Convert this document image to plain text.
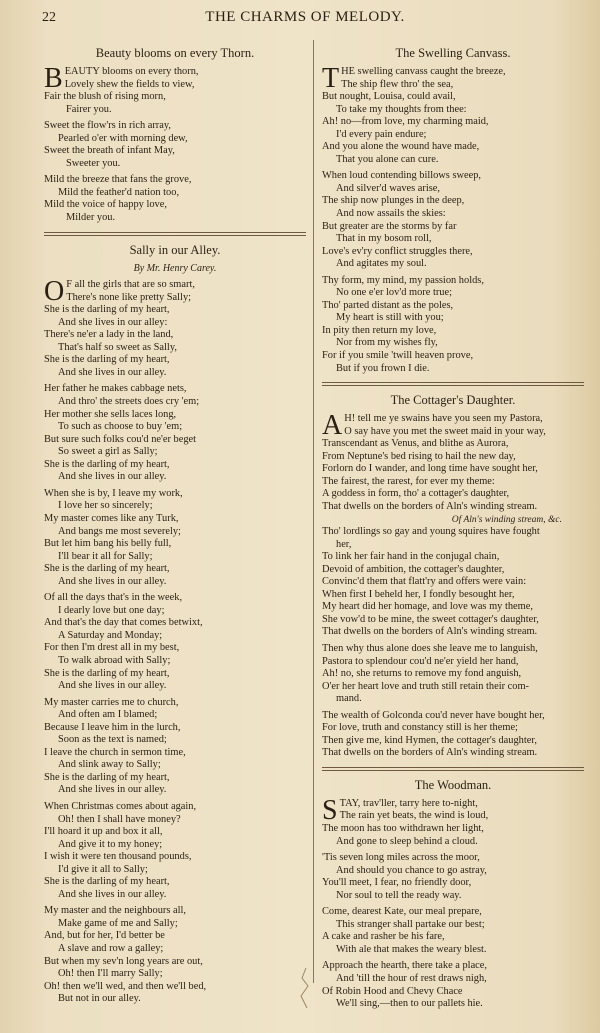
22	THE CHARMS OF MELODY.
Beauty blooms on every Thorn.
B EAUTY blooms on every thorn,
Lovely shew the fields to view,
Fair the blush of rising morn,
Fairer you.
Sweet the flow'rs in rich array,
Pearled o'er with morning dew,
Sweet the breath of infant May,
Sweeter you.
Mild the breeze that fans the grove,
Mild the feather'd nation too,
Mild the voice of happy love,
Milder you.
Sally in our Alley.
By Mr. Henry Carey.
O F all the girls that are so smart,
There's none like pretty Sally;
She is the darling of my heart,
And she lives in our alley:
There's ne'er a lady in the land,
That's half so sweet as Sally,
She is the darling of my heart,
And she lives in our alley.
Her father he makes cabbage nets,
And thro' the streets does cry 'em;
Her mother she sells laces long,
To such as choose to buy 'em;
But sure such folks cou'd ne'er beget
So sweet a girl as Sally;
She is the darling of my heart,
And she lives in our alley.
When she is by, I leave my work,
I love her so sincerely;
My master comes like any Turk,
And bangs me most severely;
But let him bang his belly full,
I'll bear it all for Sally;
She is the darling of my heart,
And she lives in our alley.
Of all the days that's in the week,
I dearly love but one day;
And that's the day that comes betwixt,
A Saturday and Monday;
For then I'm drest all in my best,
To walk abroad with Sally;
She is the darling of my heart,
And she lives in our alley.
My master carries me to church,
And often am I blamed;
Because I leave him in the lurch,
Soon as the text is named;
I leave the church in sermon time,
And slink away to Sally;
She is the darling of my heart,
And she lives in our alley.
When Christmas comes about again,
Oh! then I shall have money?
I'll hoard it up and box it all,
And give it to my honey;
I wish it were ten thousand pounds,
I'd give it all to Sally;
She is the darling of my heart,
And she lives in our alley.
My master and the neighbours all,
Make game of me and Sally;
And, but for her, I'd better be
A slave and row a galley;
But when my sev'n long years are out,
Oh! then I'll marry Sally;
Oh! then we'll wed, and then we'll bed,
But not in our alley.
The Swelling Canvass.
T HE swelling canvass caught the breeze,
The ship flew thro' the sea,
But nought, Louisa, could avail,
To take my thoughts from thee:
Ah! no—from love, my charming maid,
I'd every pain endure;
And you alone the wound have made,
That you alone can cure.
When loud contending billows sweep,
And silver'd waves arise,
The ship now plunges in the deep,
And now assails the skies:
But greater are the storms by far
That in my bosom roll,
Love's ev'ry conflict struggles there,
And agitates my soul.
Thy form, my mind, my passion holds,
No one e'er lov'd more true;
Tho' parted distant as the poles,
My heart is still with you;
In pity then return my love,
Nor from my wishes fly,
For if you smile 'twill heaven prove,
But if you frown I die.
The Cottager's Daughter.
A H! tell me ye swains have you seen my Pastora,
O say have you met the sweet maid in your way,
Transcendant as Venus, and blithe as Aurora,
From Neptune's bed rising to hail the new day,
Forlorn do I wander, and long time have sought her,
The fairest, the rarest, for ever my theme:
A goddess in form, tho' a cottager's daughter,
That dwells on the borders of Aln's winding stream.
Of Aln's winding stream, &c.
Tho' lordlings so gay and young squires have fought
her,
To link her fair hand in the conjugal chain,
Devoid of ambition, the cottager's daughter,
Convinc'd them that flatt'ry and offers were vain:
When first I beheld her, I fondly besought her,
My heart did her homage, and love was my theme,
She vow'd to be mine, the sweet cottager's daughter,
That dwells on the borders of Aln's winding stream.
Then why thus alone does she leave me to languish,
Pastora to splendour cou'd ne'er yield her hand,
Ah! no, she returns to remove my fond anguish,
O'er her heart love and truth still retain their com-
mand.
The wealth of Golconda cou'd never have bought her,
For love, truth and constancy still is her theme;
Then give me, kind Hymen, the cottager's daughter,
That dwells on the borders of Aln's winding stream.
The Woodman.
S TAY, trav'ller, tarry here to-night,
The rain yet beats, the wind is loud,
The moon has too withdrawn her light,
And gone to sleep behind a cloud.
'Tis seven long miles across the moor,
And should you chance to go astray,
You'll meet, I fear, no friendly door,
Nor soul to tell the ready way.
Come, dearest Kate, our meal prepare,
This stranger shall partake our best;
A cake and rasher be his fare,
With ale that makes the weary blest.
Approach the hearth, there take a place,
And 'till the hour of rest draws nigh,
Of Robin Hood and Chevy Chace
We'll sing,—then to our pallets hie.
